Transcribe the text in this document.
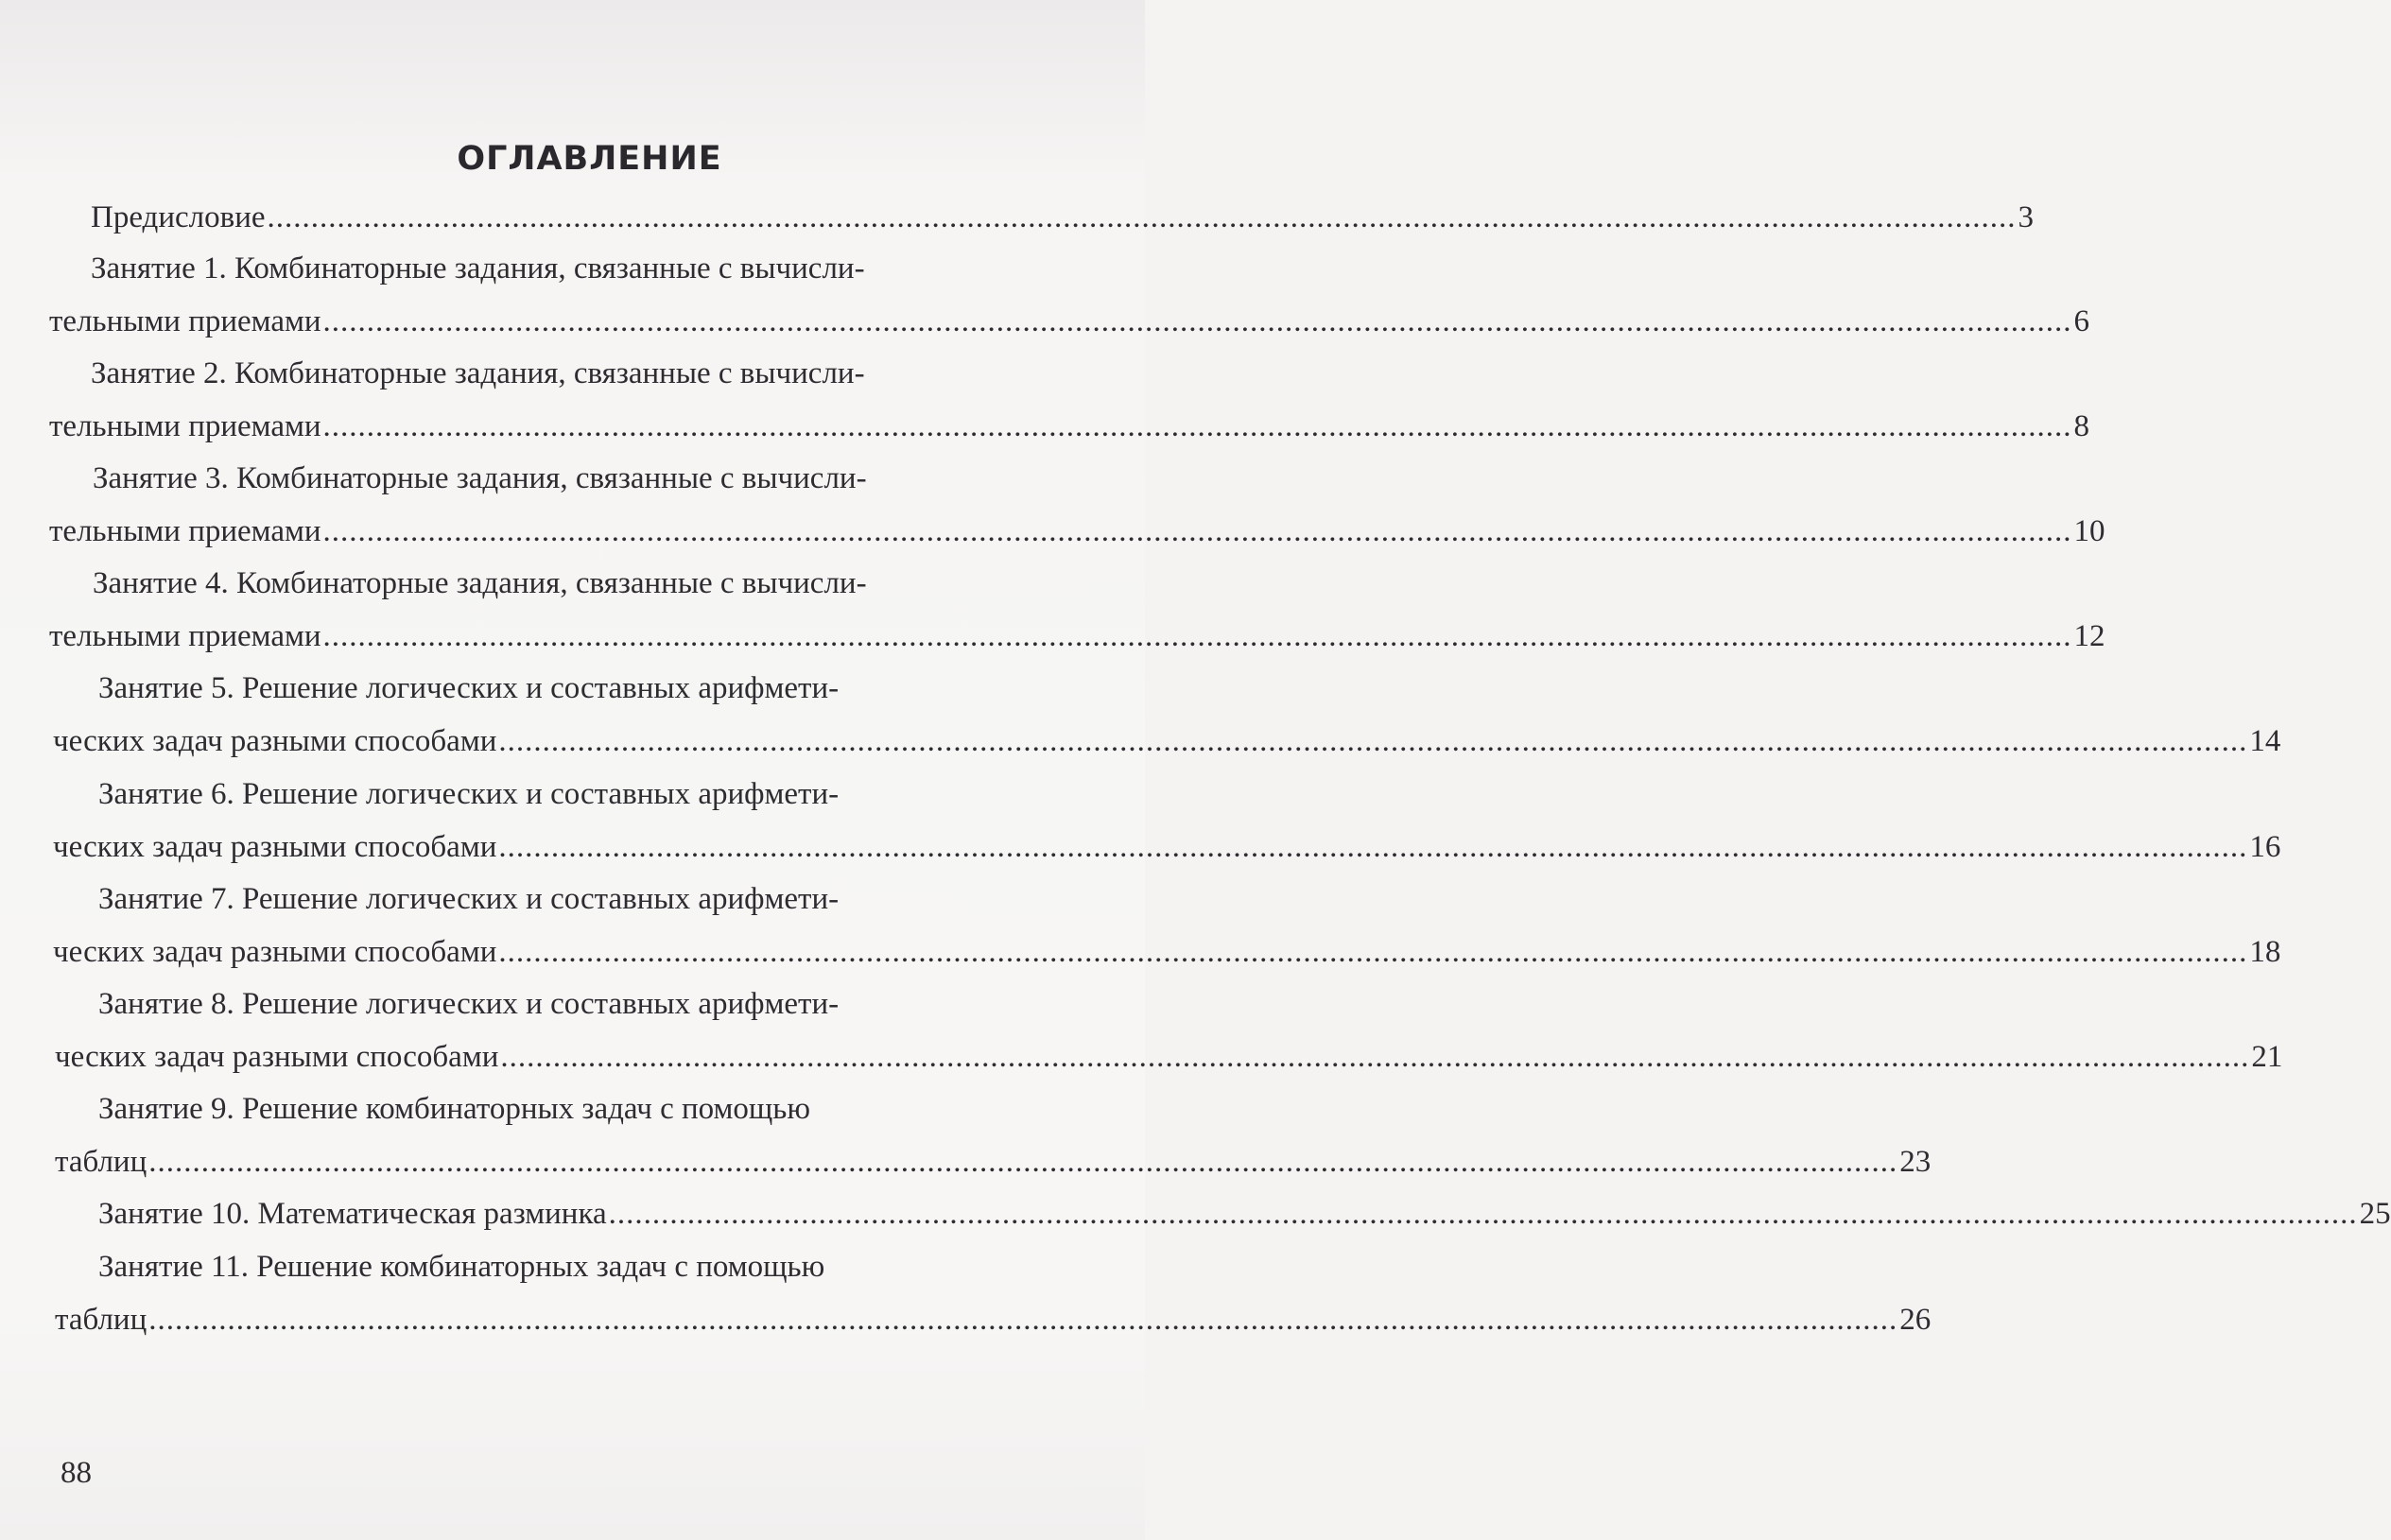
ОГЛАВЛЕНИЕ
Предисловие ........................................................................................................................................................................................................ 3
Занятие 1. Комбинаторные задания, связанные с вычисли-
тельными приемами ........................................................................................................................................................................................................ 6
Занятие 2. Комбинаторные задания, связанные с вычисли-
тельными приемами ........................................................................................................................................................................................................ 8
Занятие 3. Комбинаторные задания, связанные с вычисли-
тельными приемами ........................................................................................................................................................................................................ 10
Занятие 4. Комбинаторные задания, связанные с вычисли-
тельными приемами ........................................................................................................................................................................................................ 12
Занятие 5. Решение логических и составных арифмети-
ческих задач разными способами ........................................................................................................................................................................................................ 14
Занятие 6. Решение логических и составных арифмети-
ческих задач разными способами ........................................................................................................................................................................................................ 16
Занятие 7. Решение логических и составных арифмети-
ческих задач разными способами ........................................................................................................................................................................................................ 18
Занятие 8. Решение логических и составных арифмети-
ческих задач разными способами ........................................................................................................................................................................................................ 21
Занятие 9. Решение комбинаторных задач с помощью
таблиц ........................................................................................................................................................................................................ 23
Занятие 10. Математическая разминка ........................................................................................................................................................................................................ 25
Занятие 11. Решение комбинаторных задач с помощью
таблиц ........................................................................................................................................................................................................ 26
88
